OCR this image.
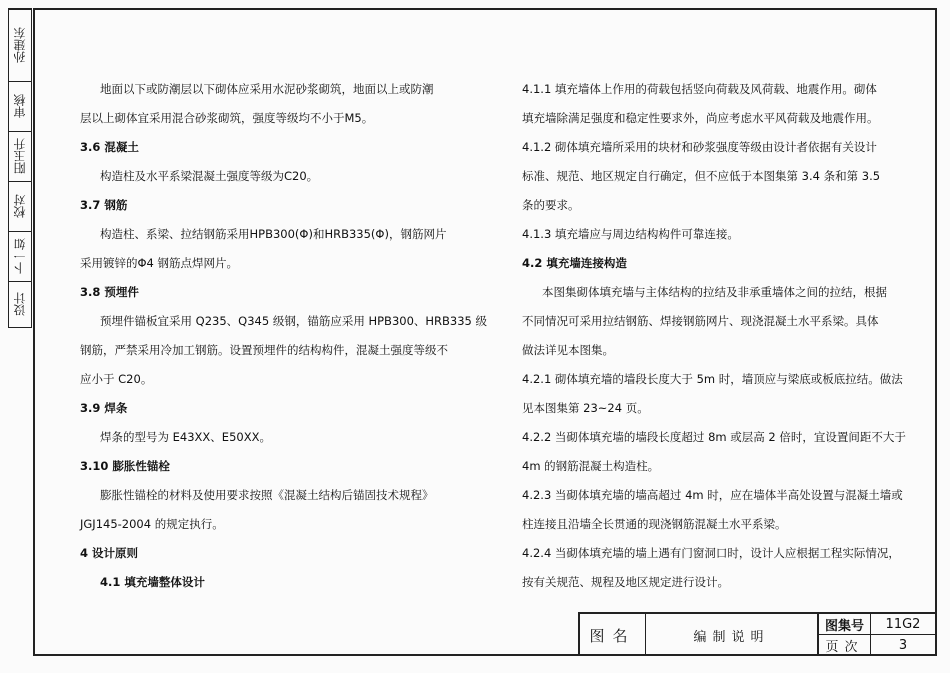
设计
卜一如
校对
阳玉升
审核
孙建东

地面以下或防潮层以下砌体应采用水泥砂浆砌筑，地面以上或防潮

层以上砌体宜采用混合砂浆砌筑，强度等级均不小于M5。

3.6 混凝土

构造柱及水平系梁混凝土强度等级为C20。

3.7 钢筋

构造柱、系梁、拉结钢筋采用HPB300(Φ)和HRB335(Φ)，钢筋网片

采用镀锌的Φ4 钢筋点焊网片。

3.8 预埋件

预埋件锚板宜采用 Q235、Q345 级钢，锚筋应采用 HPB300、HRB335 级

钢筋，严禁采用冷加工钢筋。设置预埋件的结构构件，混凝土强度等级不

应小于 C20。

3.9 焊条

焊条的型号为 E43XX、E50XX。

3.10 膨胀性锚栓

膨胀性锚栓的材料及使用要求按照《混凝土结构后锚固技术规程》

JGJ145-2004 的规定执行。

4 设计原则

4.1 填充墙整体设计

4.1.1 填充墙体上作用的荷载包括竖向荷载及风荷载、地震作用。砌体

填充墙除满足强度和稳定性要求外，尚应考虑水平风荷载及地震作用。

4.1.2 砌体填充墙所采用的块材和砂浆强度等级由设计者依据有关设计

标准、规范、地区规定自行确定，但不应低于本图集第 3.4 条和第 3.5

条的要求。

4.1.3 填充墙应与周边结构构件可靠连接。

4.2 填充墙连接构造

本图集砌体填充墙与主体结构的拉结及非承重墙体之间的拉结，根据

不同情况可采用拉结钢筋、焊接钢筋网片、现浇混凝土水平系梁。具体

做法详见本图集。

4.2.1 砌体填充墙的墙段长度大于 5m 时，墙顶应与梁底或板底拉结。做法

见本图集第 23~24 页。

4.2.2 当砌体填充墙的墙段长度超过 8m 或层高 2 倍时，宜设置间距不大于

4m 的钢筋混凝土构造柱。

4.2.3 当砌体填充墙的墙高超过 4m 时，应在墙体半高处设置与混凝土墙或

柱连接且沿墙全长贯通的现浇钢筋混凝土水平系梁。

4.2.4 当砌体填充墙的墙上遇有门窗洞口时，设计人应根据工程实际情况，

按有关规范、规程及地区规定进行设计。

图名	编制说明
图集号	11G2
页次	3
